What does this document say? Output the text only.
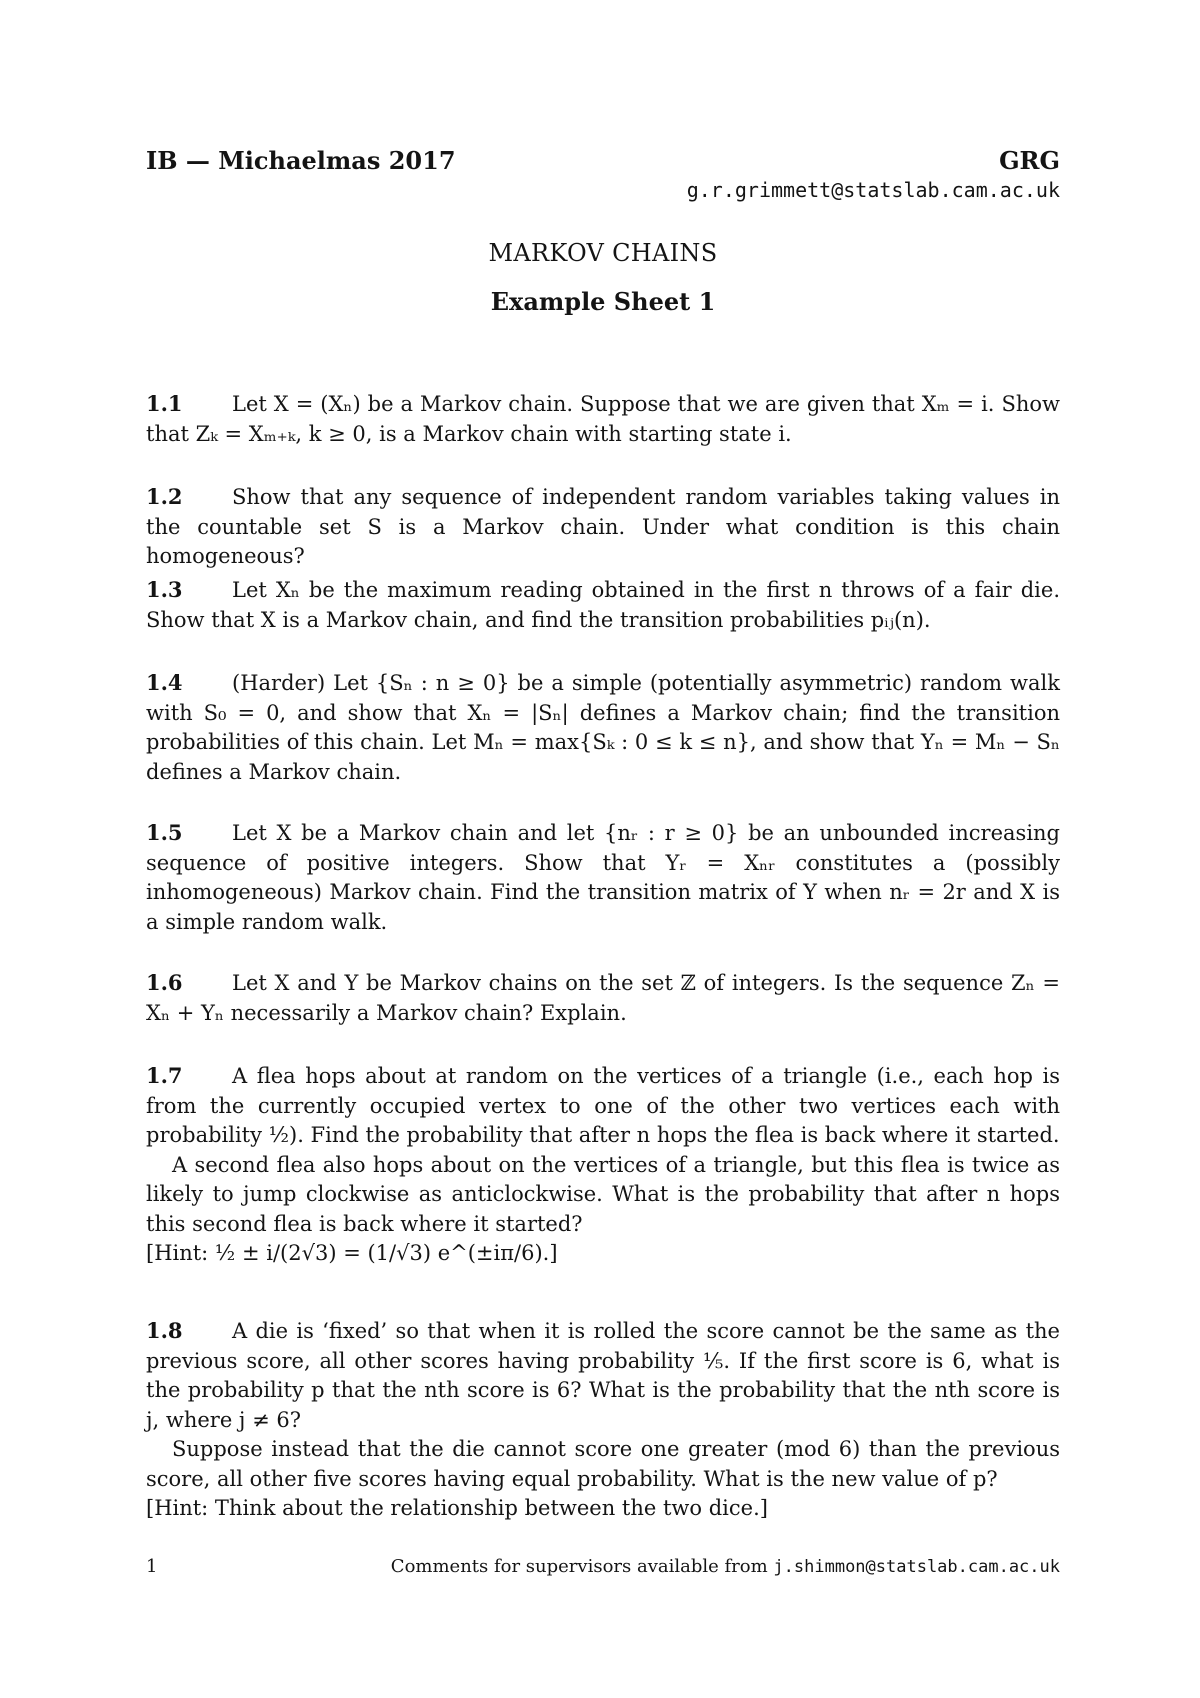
IB — Michaelmas 2017	GRG
g.r.grimmett@statslab.cam.ac.uk
MARKOV CHAINS
Example Sheet 1
1.1 Let X = (Xₙ) be a Markov chain. Suppose that we are given that Xₘ = i. Show that Zₖ = Xₘ₊ₖ, k ≥ 0, is a Markov chain with starting state i.
1.2 Show that any sequence of independent random variables taking values in the countable set S is a Markov chain. Under what condition is this chain homogeneous?
1.3 Let Xₙ be the maximum reading obtained in the first n throws of a fair die. Show that X is a Markov chain, and find the transition probabilities pᵢⱼ(n).
1.4 (Harder) Let {Sₙ : n ≥ 0} be a simple (potentially asymmetric) random walk with S₀ = 0, and show that Xₙ = |Sₙ| defines a Markov chain; find the transition probabilities of this chain. Let Mₙ = max{Sₖ : 0 ≤ k ≤ n}, and show that Yₙ = Mₙ − Sₙ defines a Markov chain.
1.5 Let X be a Markov chain and let {nᵣ : r ≥ 0} be an unbounded increasing sequence of positive integers. Show that Yᵣ = Xₙᵣ constitutes a (possibly inhomogeneous) Markov chain. Find the transition matrix of Y when nᵣ = 2r and X is a simple random walk.
1.6 Let X and Y be Markov chains on the set ℤ of integers. Is the sequence Zₙ = Xₙ + Yₙ necessarily a Markov chain? Explain.
1.7 A flea hops about at random on the vertices of a triangle (i.e., each hop is from the currently occupied vertex to one of the other two vertices each with probability ½). Find the probability that after n hops the flea is back where it started.
A second flea also hops about on the vertices of a triangle, but this flea is twice as likely to jump clockwise as anticlockwise. What is the probability that after n hops this second flea is back where it started?
[Hint: ½ ± i/(2√3) = (1/√3) e^(±iπ/6).]
1.8 A die is ‘fixed’ so that when it is rolled the score cannot be the same as the previous score, all other scores having probability ⅕. If the first score is 6, what is the probability p that the nth score is 6? What is the probability that the nth score is j, where j ≠ 6?
Suppose instead that the die cannot score one greater (mod 6) than the previous score, all other five scores having equal probability. What is the new value of p?
[Hint: Think about the relationship between the two dice.]
1	Comments for supervisors available from j.shimmon@statslab.cam.ac.uk
